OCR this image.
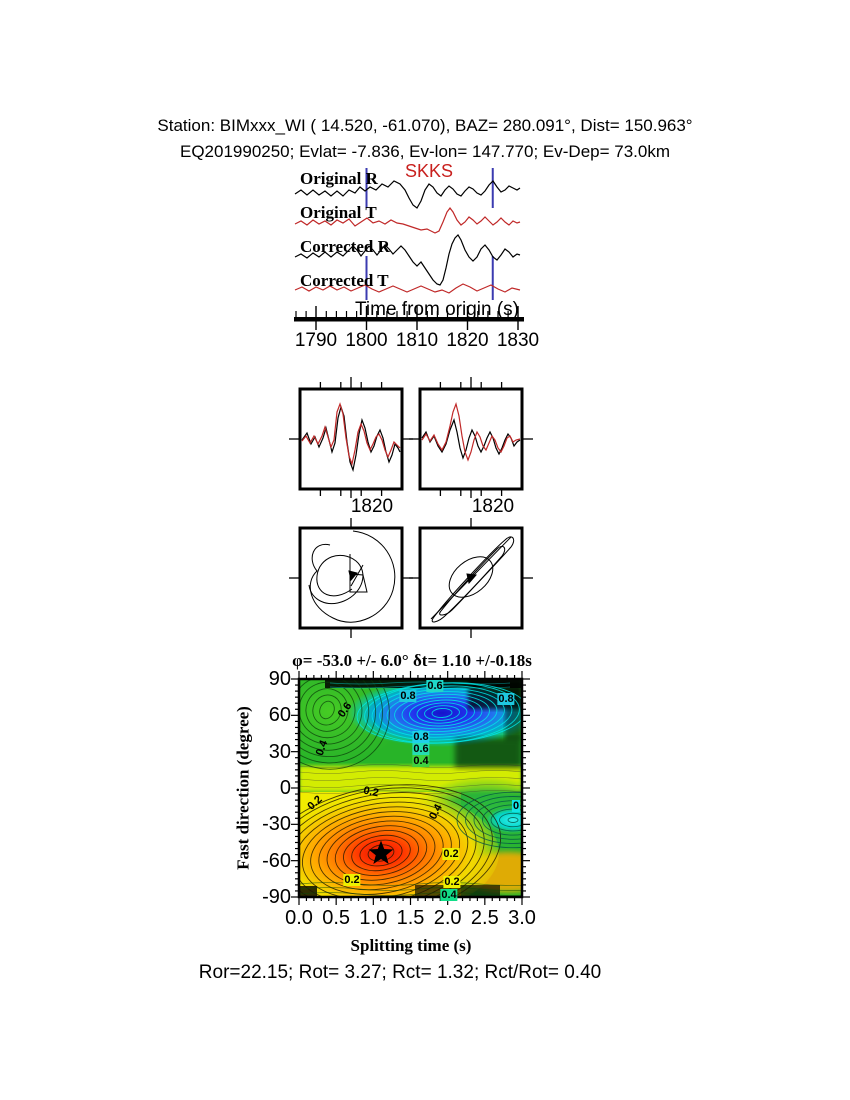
Station: BIMxxx_WI ( 14.520, -61.070), BAZ= 280.091°, Dist= 150.963°
EQ201990250; Evlat= -7.836, Ev-lon= 147.770; Ev-Dep= 73.0km
SKKS
Original R
Original T
Corrected R
Corrected T
Time from origin (s)
1820	1820
φ= -53.0 +/- 6.0° δt= 1.10 +/-0.18s
Fast direction (degree)
Splitting time (s)
Ror=22.15; Rot= 3.27; Rct= 1.32; Rct/Rot= 0.40
1790 1800 1810 1820 1830
0.0 0.5 1.0 1.5 2.0 2.5 3.0
90
60
30
0
-30
-60
-90
0.6
0.8	0.8
0.6
0.4
0.8
0.6
0.4
0.2
0.2	0.4	0
0.2
0.2	0.2
0.4
